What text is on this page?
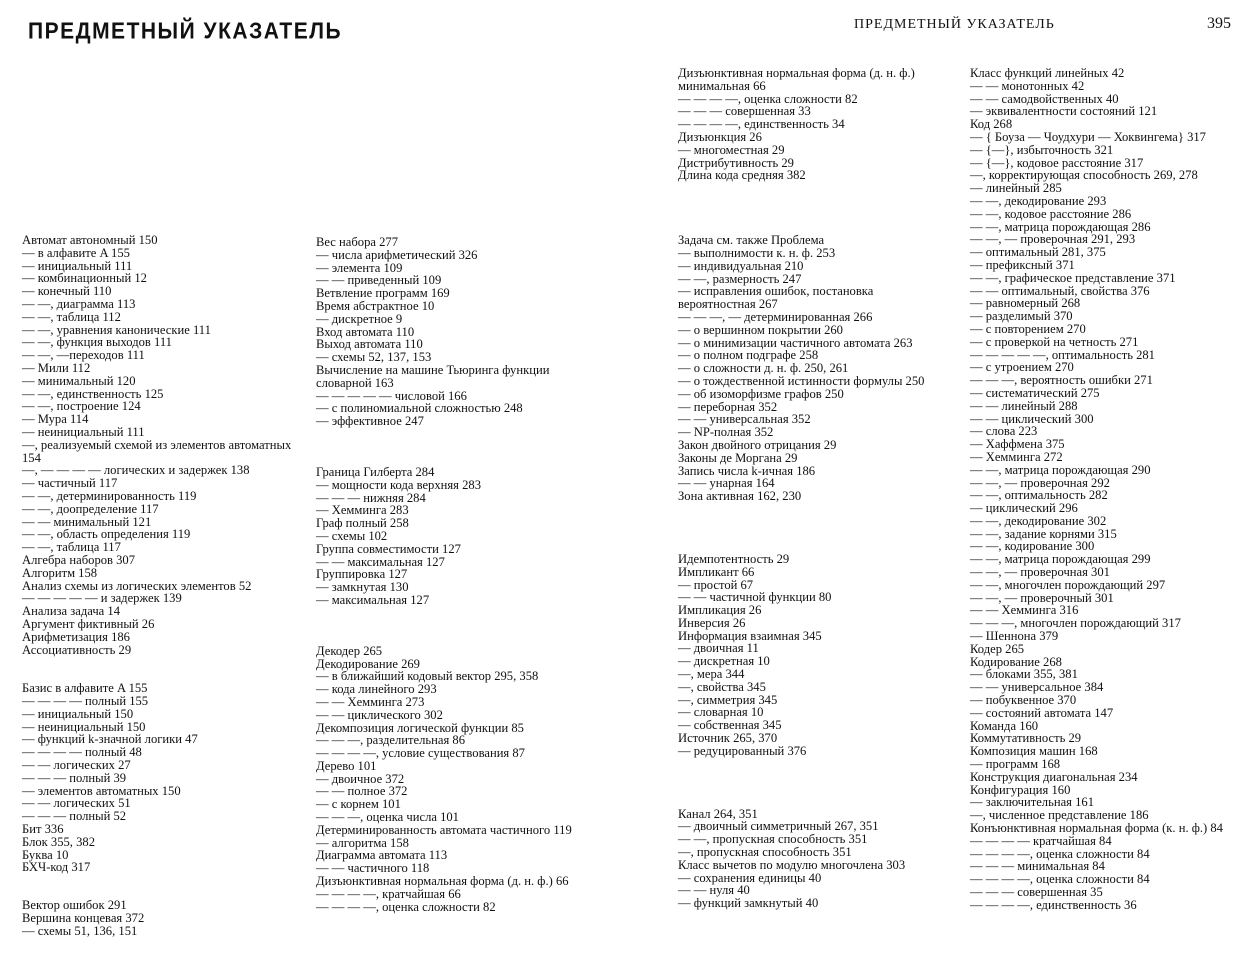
ПРЕДМЕТНЫЙ УКАЗАТЕЛЬ	ПРЕДМЕТНЫЙ УКАЗАТЕЛЬ	395
Автомат автономный 150
— в алфавите A 155
— инициальный 111
— комбинационный 12
— конечный 110
— —, диаграмма 113
— —, таблица 112
— —, уравнения канонические 111
— —, функция выходов 111
— —, —переходов 111
— Мили 112
— минимальный 120
— —, единственность 125
— —, построение 124
— Мура 114
— неинициальный 111
—, реализуемый схемой из элементов автоматных 154
—, — — — — логических и задержек 138
— частичный 117
— —, детерминированность 119
— —, доопределение 117
— — минимальный 121
— —, область определения 119
— —, таблица 117
Алгебра наборов 307
Алгоритм 158
Анализ схемы из логических элементов 52
— — — — — и задержек 139
Анализа задача 14
Аргумент фиктивный 26
Арифметизация 186
Ассоциативность 29
Базис в алфавите A 155
— — — — полный 155
— инициальный 150
— неинициальный 150
— функций k-значной логики 47
— — — — полный 48
— — логических 27
— — — полный 39
— элементов автоматных 150
— — логических 51
— — — полный 52
Бит 336
Блок 355, 382
Буква 10
БХЧ-код 317
Вектор ошибок 291
Вершина концевая 372
— схемы 51, 136, 151
Вес набора 277
— числа арифметический 326
— элемента 109
— — приведенный 109
Ветвление программ 169
Время абстрактное 10
— дискретное 9
Вход автомата 110
Выход автомата 110
— схемы 52, 137, 153
Вычисление на машине Тьюринга функции словарной 163
— — — — — числовой 166
— с полиномиальной сложностью 248
— эффективное 247
Граница Гилберта 284
— мощности кода верхняя 283
— — — нижняя 284
— Хемминга 283
Граф полный 258
— схемы 102
Группа совместимости 127
— — максимальная 127
Группировка 127
— замкнутая 130
— максимальная 127
Декодер 265
Декодирование 269
— в ближайший кодовый вектор 295, 358
— кода линейного 293
— — Хемминга 273
— — циклического 302
Декомпозиция логической функции 85
— — —, разделительная 86
— — — —, условие существования 87
Дерево 101
— двоичное 372
— — полное 372
— с корнем 101
— — —, оценка числа 101
Детерминированность автомата частичного 119
— алгоритма 158
Диаграмма автомата 113
— — частичного 118
Дизъюнктивная нормальная форма (д. н. ф.) 66
— — — —, кратчайшая 66
— — — —, оценка сложности 82
Дизъюнктивная нормальная форма (д. н. ф.) минимальная 66
— — — —, оценка сложности 82
— — — совершенная 33
— — — —, единственность 34
Дизъюнкция 26
— многоместная 29
Дистрибутивность 29
Длина кода средняя 382
Задача см. также Проблема
— выполнимости к. н. ф. 253
— индивидуальная 210
— —, размерность 247
— исправления ошибок, постановка вероятностная 267
— — —, — детерминированная 266
— о вершинном покрытии 260
— о минимизации частичного автомата 263
— о полном подграфе 258
— о сложности д. н. ф. 250, 261
— о тождественной истинности формулы 250
— об изоморфизме графов 250
— переборная 352
— — универсальная 352
— NP-полная 352
Закон двойного отрицания 29
Законы де Моргана 29
Запись числа k-ичная 186
— — унарная 164
Зона активная 162, 230
Идемпотентность 29
Импликант 66
— простой 67
— — частичной функции 80
Импликация 26
Инверсия 26
Информация взаимная 345
— двоичная 11
— дискретная 10
—, мера 344
—, свойства 345
—, симметрия 345
— словарная 10
— собственная 345
Источник 265, 370
— редуцированный 376
Канал 264, 351
— двоичный симметричный 267, 351
— —, пропускная способность 351
—, пропускная способность 351
Класс вычетов по модулю многочлена 303
— сохранения единицы 40
— — нуля 40
— функций замкнутый 40
Класс функций линейных 42
— — монотонных 42
— — самодвойственных 40
— эквивалентности состояний 121
Код 268
— { Боуза — Чоудхури — Хоквингема} 317
— {—}, избыточность 321
— {—}, кодовое расстояние 317
—, корректирующая способность 269, 278
— линейный 285
— —, декодирование 293
— —, кодовое расстояние 286
— —, матрица порождающая 286
— —, — проверочная 291, 293
— оптимальный 281, 375
— префиксный 371
— —, графическое представление 371
— — оптимальный, свойства 376
— равномерный 268
— разделимый 370
— с повторением 270
— с проверкой на четность 271
— — — — —, оптимальность 281
— с утроением 270
— — —, вероятность ошибки 271
— систематический 275
— — линейный 288
— — циклический 300
— слова 223
— Хаффмена 375
— Хемминга 272
— —, матрица порождающая 290
— —, — проверочная 292
— —, оптимальность 282
— циклический 296
— —, декодирование 302
— —, задание корнями 315
— —, кодирование 300
— —, матрица порождающая 299
— —, — проверочная 301
— —, многочлен порождающий 297
— —, — проверочный 301
— — Хемминга 316
— — —, многочлен порождающий 317
— Шеннона 379
Кодер 265
Кодирование 268
— блоками 355, 381
— — универсальное 384
— побуквенное 370
— состояний автомата 147
Команда 160
Коммутативность 29
Композиция машин 168
— программ 168
Конструкция диагональная 234
Конфигурация 160
— заключительная 161
—, численное представление 186
Конъюнктивная нормальная форма (к. н. ф.) 84
— — — — кратчайшая 84
— — — —, оценка сложности 84
— — — минимальная 84
— — — —, оценка сложности 84
— — — совершенная 35
— — — —, единственность 36
